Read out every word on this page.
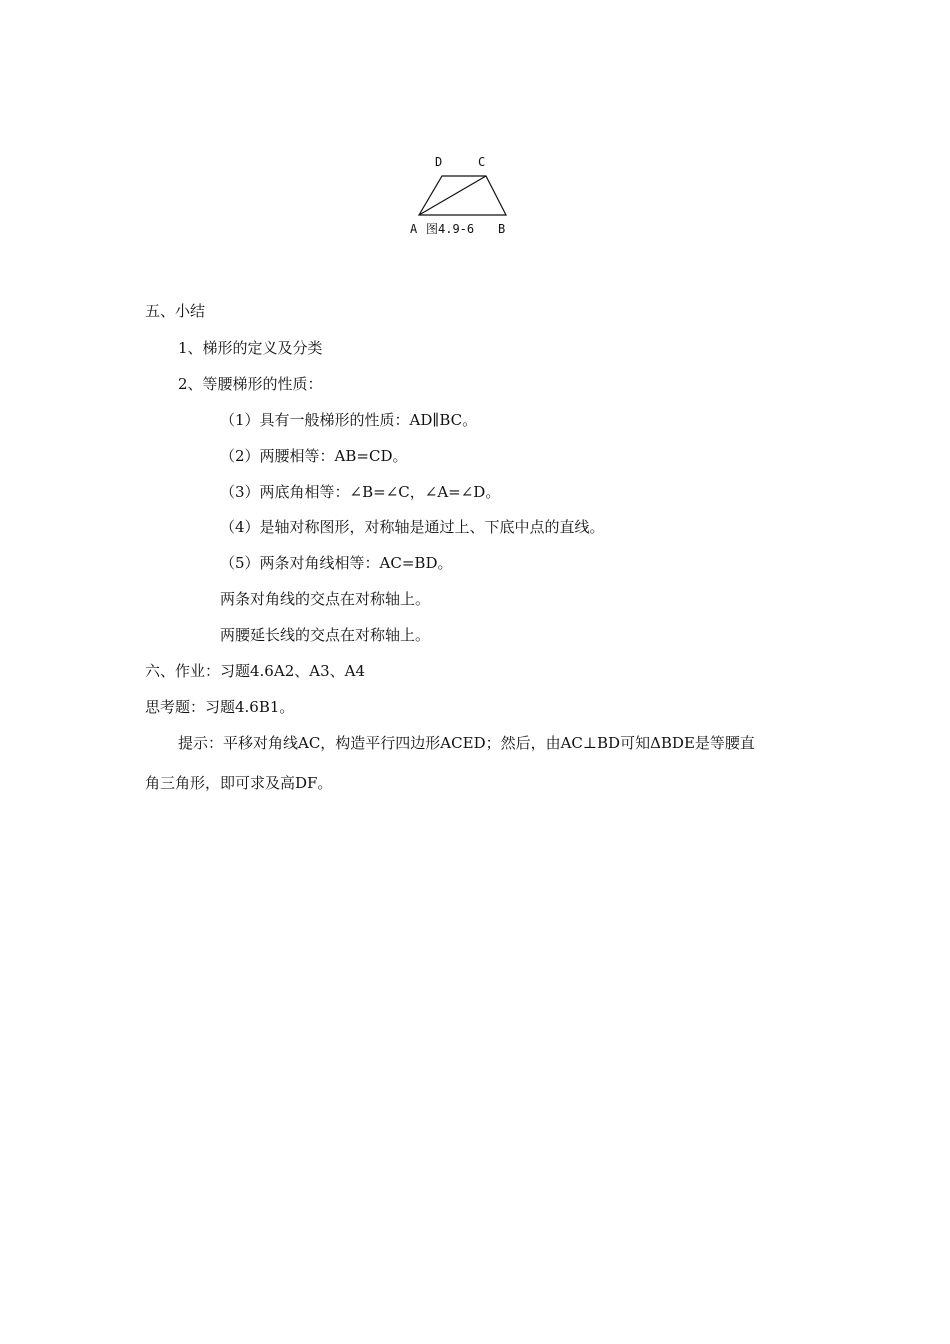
D	C
A 图4.9-6 B
五、小结
1、梯形的定义及分类
2、等腰梯形的性质：
（1）具有一般梯形的性质：AD∥BC。
（2）两腰相等：AB=CD。
（3）两底角相等：∠B=∠C，∠A=∠D。
（4）是轴对称图形，对称轴是通过上、下底中点的直线。
（5）两条对角线相等：AC=BD。
两条对角线的交点在对称轴上。
两腰延长线的交点在对称轴上。
六、作业：习题4.6A2、A3、A4
思考题：习题4.6B1。
提示：平移对角线AC，构造平行四边形ACED；然后，由AC⊥BD可知ΔBDE是等腰直
角三角形，即可求及高DF。
